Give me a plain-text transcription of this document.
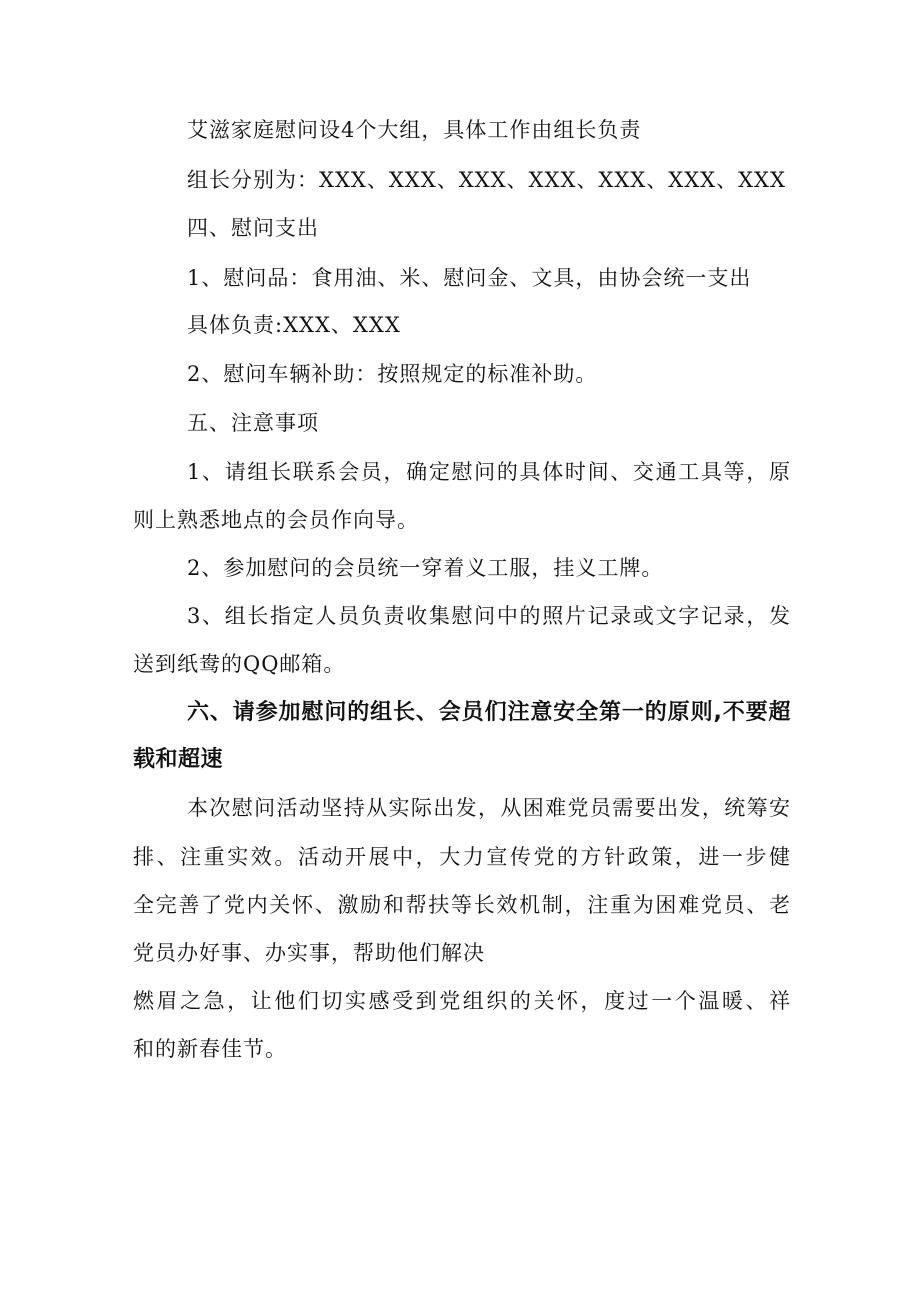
艾滋家庭慰问设4个大组，具体工作由组长负责

组长分别为：XXX、XXX、XXX、XXX、XXX、XXX、XXX

四、慰问支出

1、慰问品：食用油、米、慰问金、文具，由协会统一支出

具体负责:XXX、XXX

2、慰问车辆补助：按照规定的标准补助。

五、注意事项

1、请组长联系会员，确定慰问的具体时间、交通工具等，原

则上熟悉地点的会员作向导。

2、参加慰问的会员统一穿着义工服，挂义工牌。

3、组长指定人员负责收集慰问中的照片记录或文字记录，发

送到纸鸯的QQ邮箱。

六、请参加慰问的组长、会员们注意安全第一的原则,不要超

载和超速

本次慰问活动坚持从实际出发，从困难党员需要出发，统筹安

排、注重实效。活动开展中，大力宣传党的方针政策，进一步健

全完善了党内关怀、激励和帮扶等长效机制，注重为困难党员、老

党员办好事、办实事，帮助他们解决

燃眉之急，让他们切实感受到党组织的关怀，度过一个温暖、祥

和的新春佳节。
